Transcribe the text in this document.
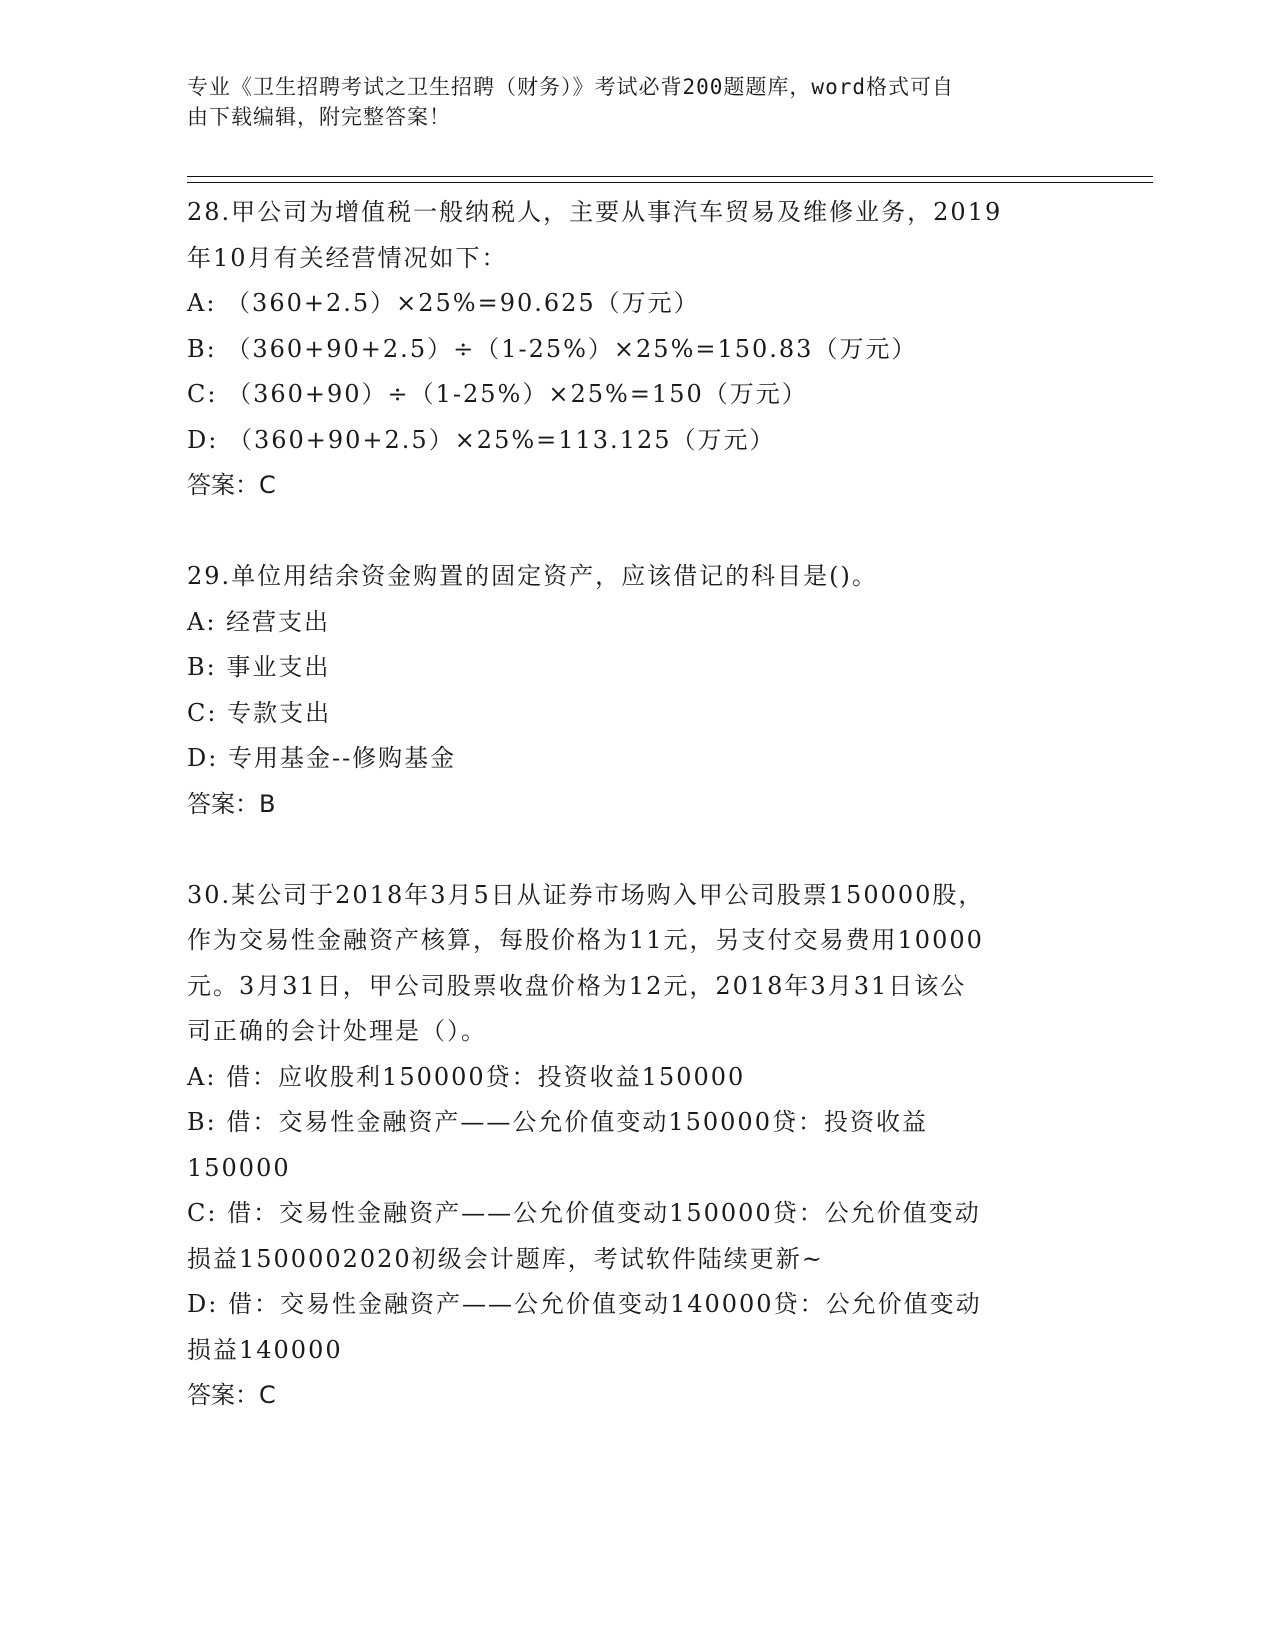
专业《卫生招聘考试之卫生招聘（财务）》考试必背200题题库，word格式可自
由下载编辑，附完整答案！
28.甲公司为增值税一般纳税人，主要从事汽车贸易及维修业务，2019
年10月有关经营情况如下：
A: （360+2.5）×25%=90.625（万元）
B: （360+90+2.5）÷（1-25%）×25%=150.83（万元）
C: （360+90）÷（1-25%）×25%=150（万元）
D: （360+90+2.5）×25%=113.125（万元）
答案：C
29.单位用结余资金购置的固定资产，应该借记的科目是()。
A: 经营支出
B: 事业支出
C: 专款支出
D: 专用基金--修购基金
答案：B
30.某公司于2018年3月5日从证券市场购入甲公司股票150000股，
作为交易性金融资产核算，每股价格为11元，另支付交易费用10000
元。3月31日，甲公司股票收盘价格为12元，2018年3月31日该公
司正确的会计处理是（）。
A: 借：应收股利150000贷：投资收益150000
B: 借：交易性金融资产——公允价值变动150000贷：投资收益
150000
C: 借：交易性金融资产——公允价值变动150000贷：公允价值变动
损益1500002020初级会计题库，考试软件陆续更新~
D: 借：交易性金融资产——公允价值变动140000贷：公允价值变动
损益140000
答案：C
